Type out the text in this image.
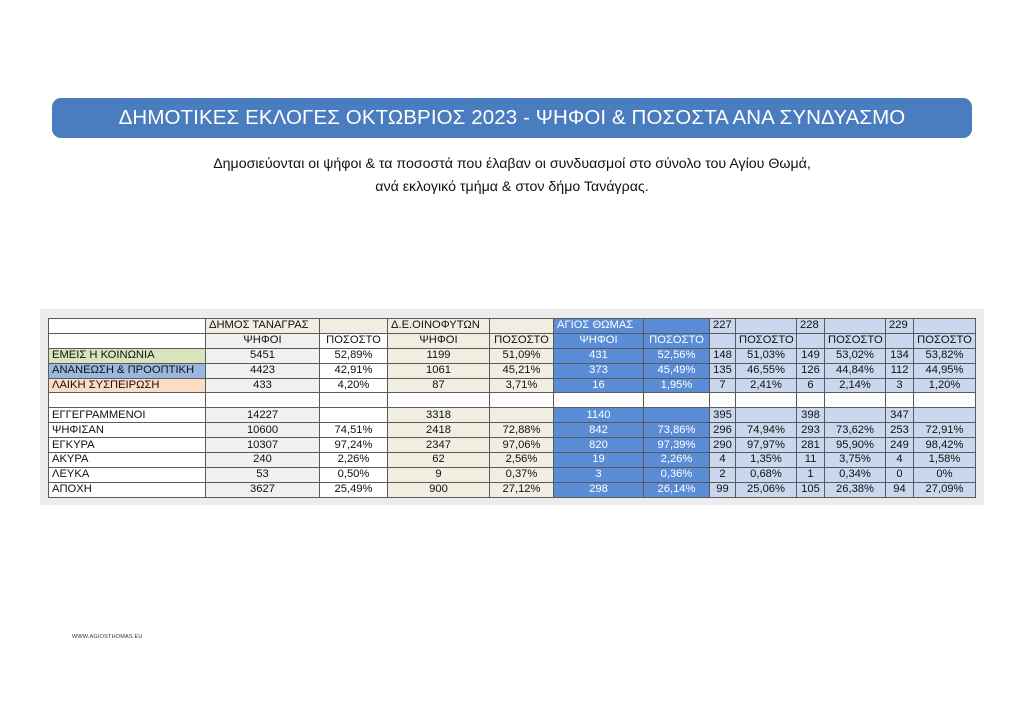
ΔΗΜΟΤΙΚΕΣ ΕΚΛΟΓΕΣ ΟΚΤΩΒΡΙΟΣ 2023 - ΨΗΦΟΙ & ΠΟΣΟΣΤΑ ΑΝΑ ΣΥΝΔΥΑΣΜΟ
Δημοσιεύονται οι ψήφοι & τα ποσοστά που έλαβαν οι συνδυασμοί στο σύνολο του Αγίου Θωμά,
ανά εκλογικό τμήμα & στον δήμο Τανάγρας.
	ΔΗΜΟΣ ΤΑΝΑΓΡΑΣ		Δ.Ε.ΟΙΝΟΦΥΤΩΝ		ΑΓΙΟΣ ΘΩΜΑΣ		227		228		229	
	ΨΗΦΟΙ	ΠΟΣΟΣΤΟ	ΨΗΦΟΙ	ΠΟΣΟΣΤΟ	ΨΗΦΟΙ	ΠΟΣΟΣΤΟ		ΠΟΣΟΣΤΟ		ΠΟΣΟΣΤΟ		ΠΟΣΟΣΤΟ
ΕΜΕΙΣ Η ΚΟΙΝΩΝΙΑ	5451	52,89%	1199	51,09%	431	52,56%	148	51,03%	149	53,02%	134	53,82%
ΑΝΑΝΕΩΣΗ & ΠΡΟΟΠΤΙΚΗ	4423	42,91%	1061	45,21%	373	45,49%	135	46,55%	126	44,84%	112	44,95%
ΛΑΙΚΗ ΣΥΣΠΕΙΡΩΣΗ	433	4,20%	87	3,71%	16	1,95%	7	2,41%	6	2,14%	3	1,20%

ΕΓΓΕΓΡΑΜΜΕΝΟΙ	14227		3318		1140		395		398		347	
ΨΗΦΙΣΑΝ	10600	74,51%	2418	72,88%	842	73,86%	296	74,94%	293	73,62%	253	72,91%
ΕΓΚΥΡΑ	10307	97,24%	2347	97,06%	820	97,39%	290	97,97%	281	95,90%	249	98,42%
ΑΚΥΡΑ	240	2,26%	62	2,56%	19	2,26%	4	1,35%	11	3,75%	4	1,58%
ΛΕΥΚΑ	53	0,50%	9	0,37%	3	0,36%	2	0,68%	1	0,34%	0	0%
ΑΠΟΧΗ	3627	25,49%	900	27,12%	298	26,14%	99	25,06%	105	26,38%	94	27,09%
WWW.AGIOSTHOMAS.EU
